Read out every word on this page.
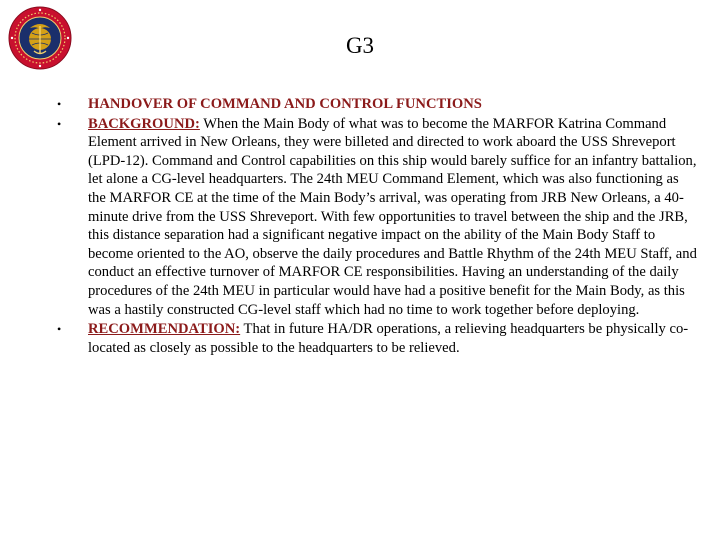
G3
• HANDOVER OF COMMAND AND CONTROL FUNCTIONS
• BACKGROUND: When the Main Body of what was to become the MARFOR Katrina Command Element arrived in New Orleans, they were billeted and directed to work aboard the USS Shreveport (LPD-12). Command and Control capabilities on this ship would barely suffice for an infantry battalion, let alone a CG-level headquarters. The 24th MEU Command Element, which was also functioning as the MARFOR CE at the time of the Main Body’s arrival, was operating from JRB New Orleans, a 40-minute drive from the USS Shreveport. With few opportunities to travel between the ship and the JRB, this distance separation had a significant negative impact on the ability of the Main Body Staff to become oriented to the AO, observe the daily procedures and Battle Rhythm of the 24th MEU Staff, and conduct an effective turnover of MARFOR CE responsibilities. Having an understanding of the daily procedures of the 24th MEU in particular would have had a positive benefit for the Main Body, as this was a hastily constructed CG-level staff which had no time to work together before deploying.
• RECOMMENDATION: That in future HA/DR operations, a relieving headquarters be physically co-located as closely as possible to the headquarters to be relieved.
